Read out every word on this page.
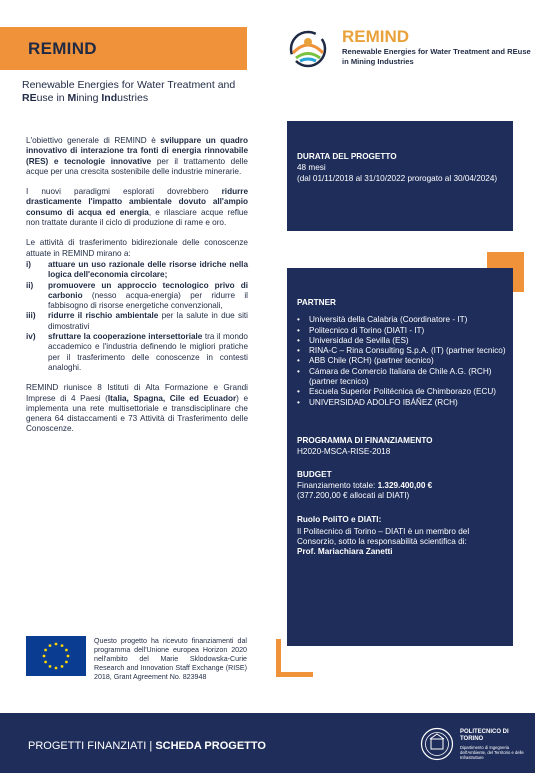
REMIND
Renewable Energies for Water Treatment and REuse in Mining Industries
REMIND
Renewable Energies for Water Treatment and REuse in Mining Industries

L'obiettivo generale di REMIND è sviluppare un quadro innovativo di interazione tra fonti di energia rinnovabile (RES) e tecnologie innovative per il trattamento delle acque per una crescita sostenibile delle industrie minerarie.

I nuovi paradigmi esplorati dovrebbero ridurre drasticamente l'impatto ambientale dovuto all'ampio consumo di acqua ed energia, e rilasciare acque reflue non trattate durante il ciclo di produzione di rame e oro.

Le attività di trasferimento bidirezionale delle conoscenze attuate in REMIND mirano a:

i)	attuare un uso razionale delle risorse idriche nella logica dell'economia circolare;
ii)	promuovere un approccio tecnologico privo di carbonio (nesso acqua-energia) per ridurre il fabbisogno di risorse energetiche convenzionali,
iii)	ridurre il rischio ambientale per la salute in due siti dimostrativi
iv)	sfruttare la cooperazione intersettoriale tra il mondo accademico e l'industria definendo le migliori pratiche per il trasferimento delle conoscenze in contesti analoghi.

REMIND riunisce 8 Istituti di Alta Formazione e Grandi Imprese di 4 Paesi (Italia, Spagna, Cile ed Ecuador) e implementa una rete multisettoriale e transdisciplinare che genera 64 distaccamenti e 73 Attività di Trasferimento delle Conoscenze.

DURATA DEL PROGETTO
48 mesi
(dal 01/11/2018 al 31/10/2022 prorogato al 30/04/2024)
PARTNER
•	Università della Calabria (Coordinatore - IT)
•	Politecnico di Torino (DIATI - IT)
•	Universidad de Sevilla (ES)
•	RINA-C – Rina Consulting S.p.A. (IT) (partner tecnico)
•	ABB Chile (RCH) (partner tecnico)
•	Cámara de Comercio Italiana de Chile A.G. (RCH) (partner tecnico)
•	Escuela Superior Politécnica de Chimborazo (ECU)
•	UNIVERSIDAD ADOLFO IBÁÑEZ (RCH)
PROGRAMMA DI FINANZIAMENTO
H2020-MSCA-RISE-2018
BUDGET
Finanziamento totale: 1.329.400,00 €
(377.200,00 € allocati al DIATI)
Ruolo PoliTO e DIATI:
Il Politecnico di Torino – DIATI è un membro del Consorzio, sotto la responsabilità scientifica di:
Prof. Mariachiara Zanetti
Questo progetto ha ricevuto finanziamenti dal programma dell'Unione europea Horizon 2020 nell'ambito del Marie Sklodowska-Curie Research and Innovation Staff Exchange (RISE) 2018, Grant Agreement No. 823948
PROGETTI FINANZIATI | SCHEDA PROGETTO
POLITECNICO DI TORINO
Dipartimento di Ingegneria dell'Ambiente, del Territorio e delle Infrastrutture
